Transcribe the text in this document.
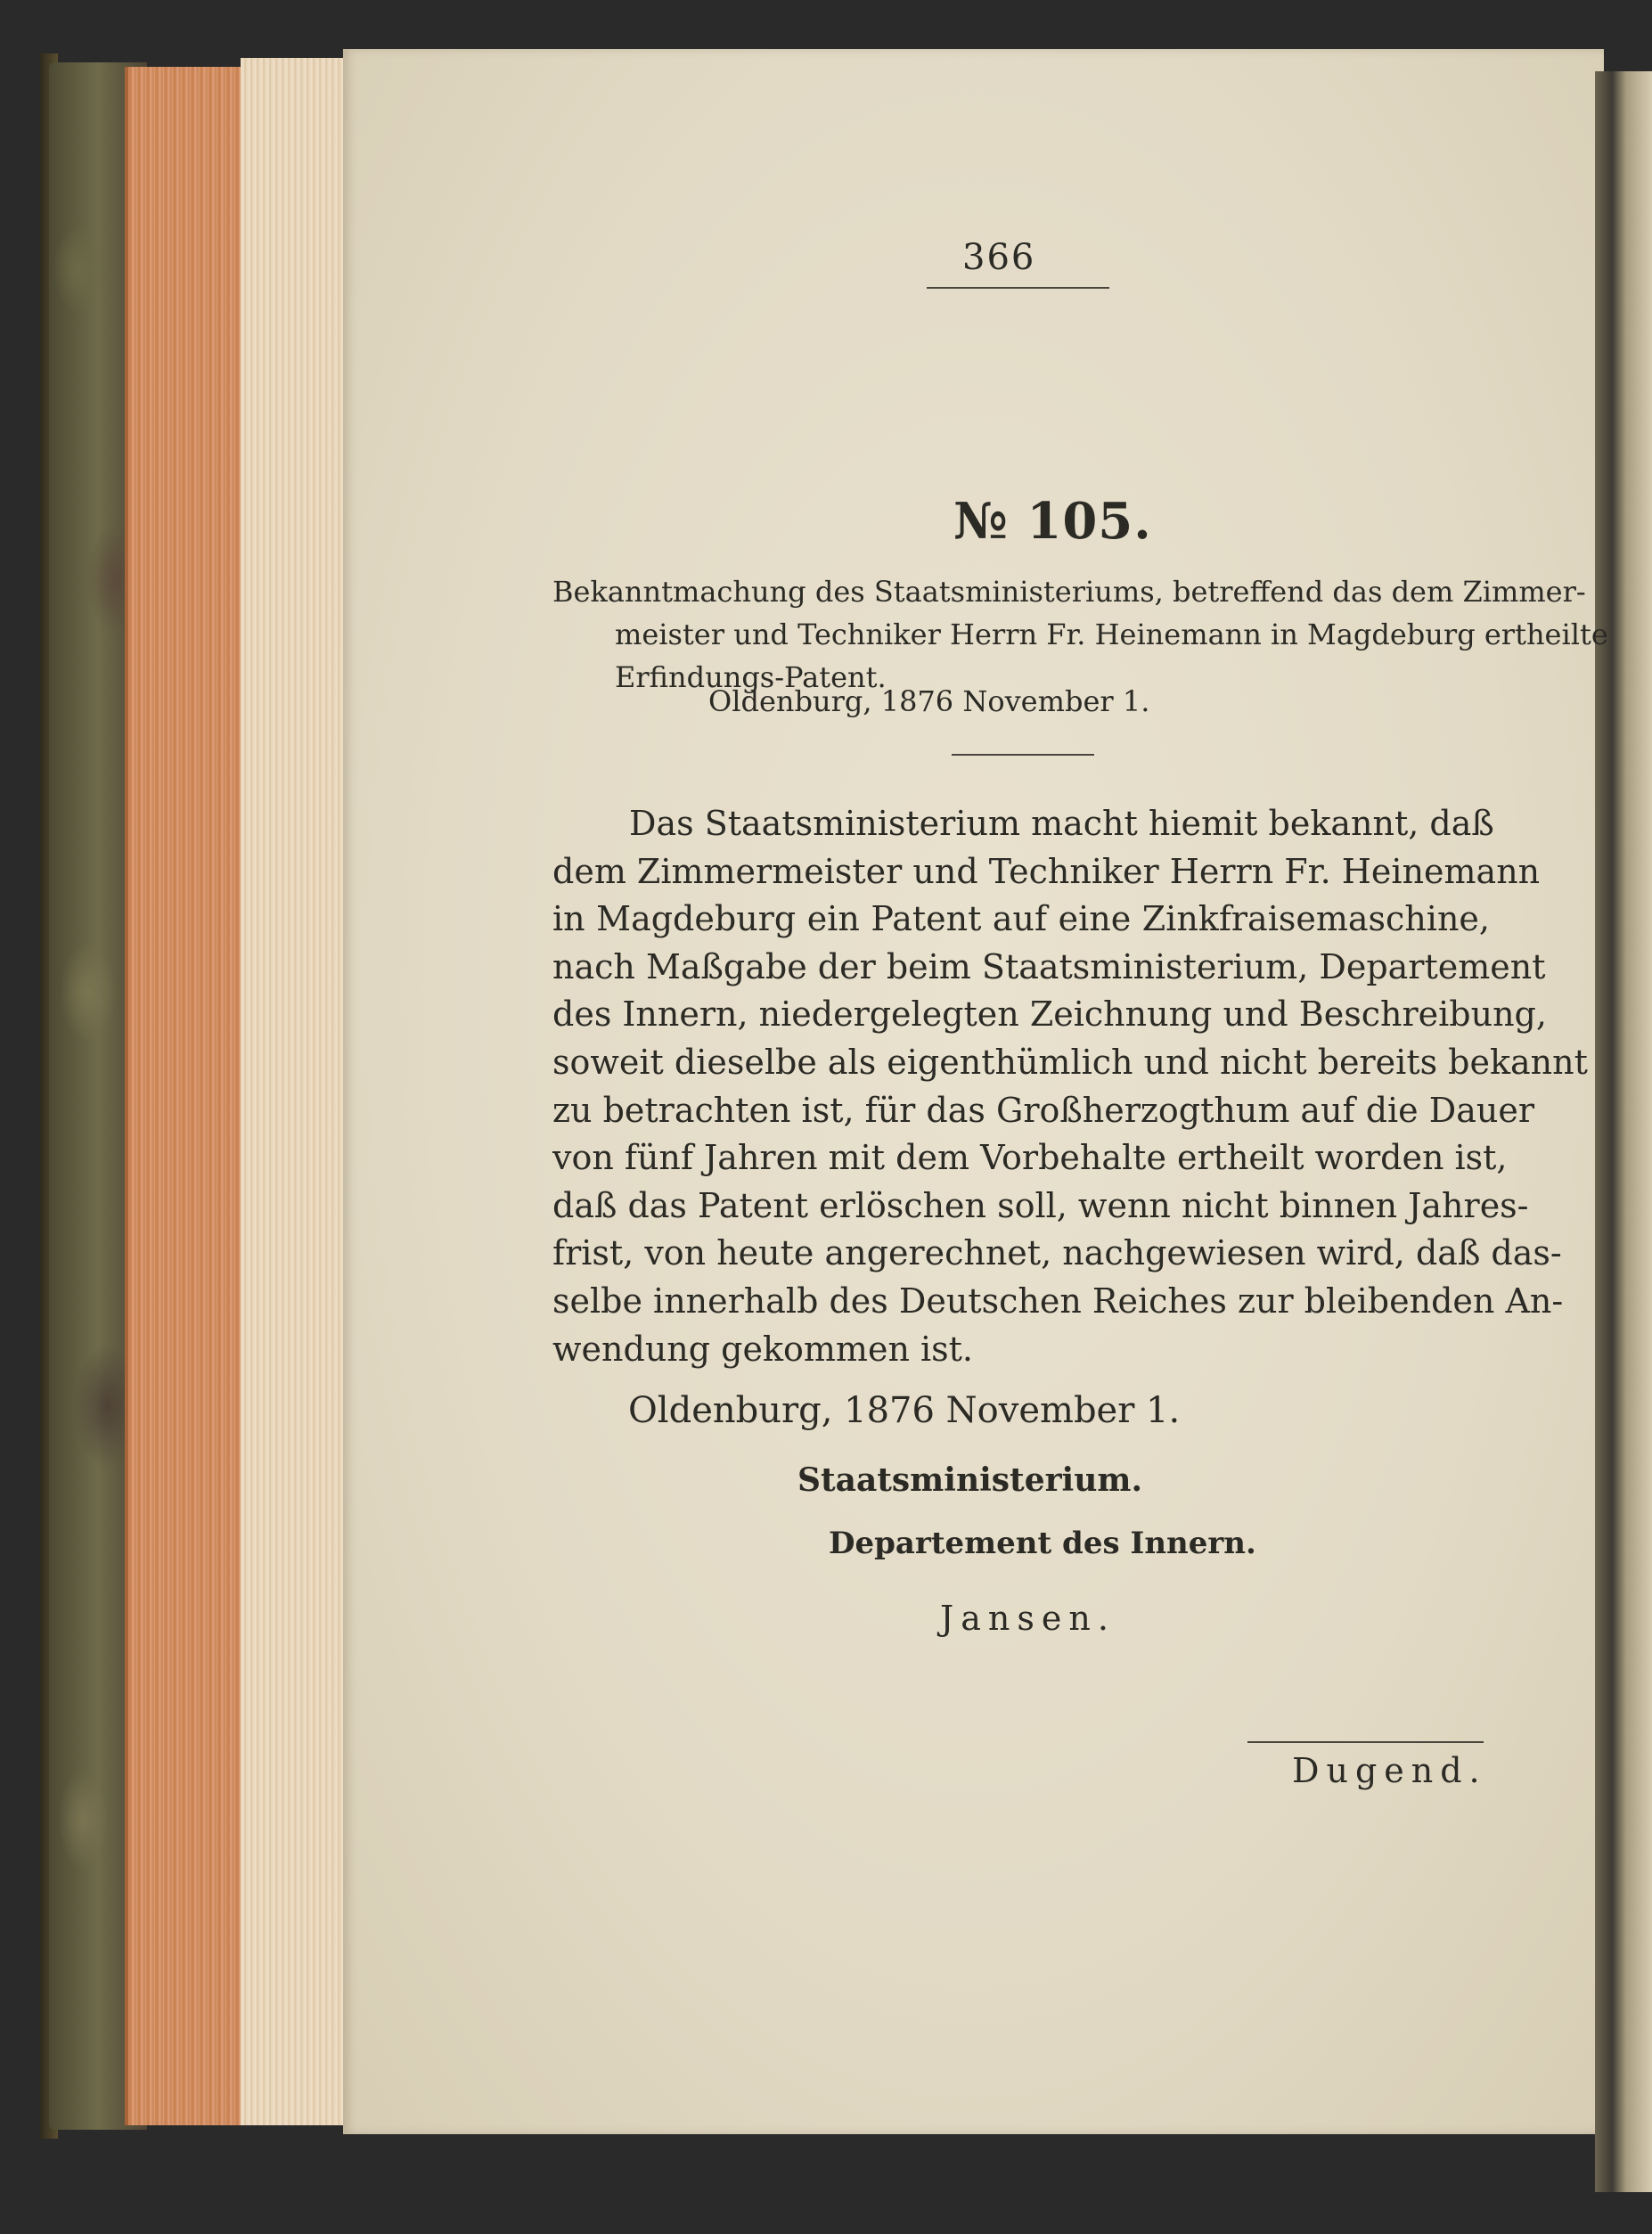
366

№ 105.

Bekanntmachung des Staatsministeriums, betreffend das dem Zimmer-

meister und Techniker Herrn Fr. Heinemann in Magdeburg ertheilte

Erfindungs-Patent.

Oldenburg, 1876 November 1.

Das Staatsministerium macht hiemit bekannt, daß
dem Zimmermeister und Techniker Herrn Fr. Heinemann
in Magdeburg ein Patent auf eine Zinkfraisemaschine,
nach Maßgabe der beim Staatsministerium, Departement
des Innern, niedergelegten Zeichnung und Beschreibung,
soweit dieselbe als eigenthümlich und nicht bereits bekannt
zu betrachten ist, für das Großherzogthum auf die Dauer
von fünf Jahren mit dem Vorbehalte ertheilt worden ist,
daß das Patent erlöschen soll, wenn nicht binnen Jahres-
frist, von heute angerechnet, nachgewiesen wird, daß das-
selbe innerhalb des Deutschen Reiches zur bleibenden An-
wendung gekommen ist.

Oldenburg, 1876 November 1.

Staatsministerium.

Departement des Innern.

Jansen.

Dugend.
